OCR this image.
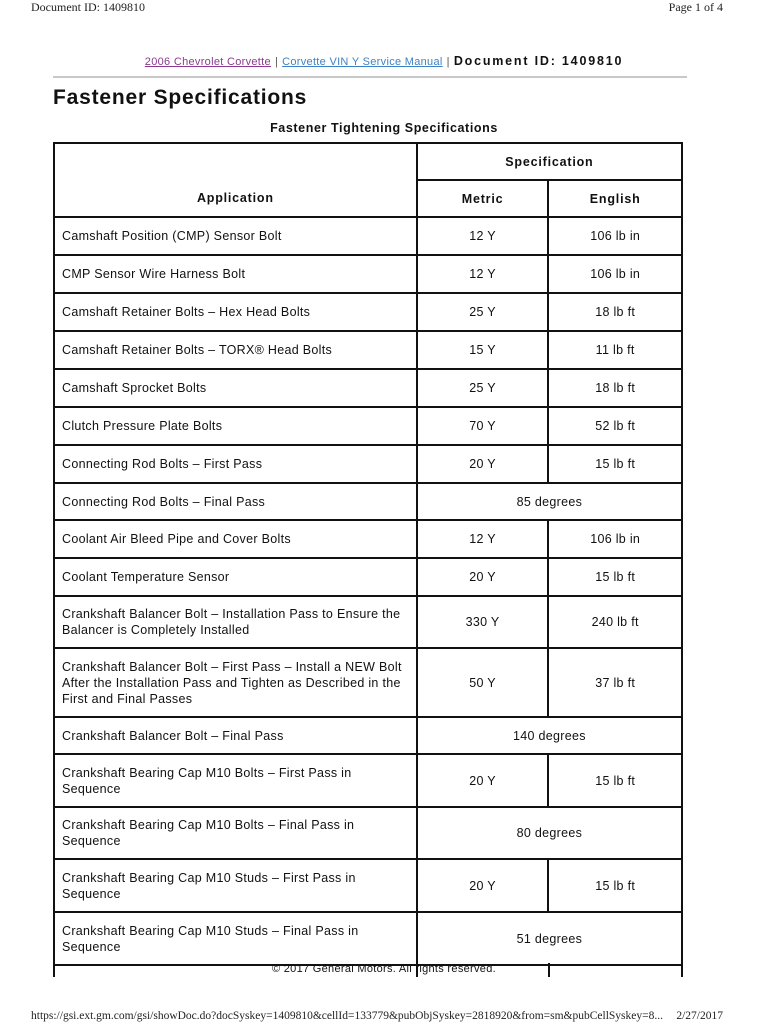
Document ID: 1409810	Page 1 of 4
2006 Chevrolet Corvette | Corvette VIN Y Service Manual | Document ID: 1409810
Fastener Specifications
Fastener Tightening Specifications
Application	Specification	
	Metric	English
Camshaft Position (CMP) Sensor Bolt	12 Y	106 lb in
CMP Sensor Wire Harness Bolt	12 Y	106 lb in
Camshaft Retainer Bolts – Hex Head Bolts	25 Y	18 lb ft
Camshaft Retainer Bolts – TORX® Head Bolts	15 Y	11 lb ft
Camshaft Sprocket Bolts	25 Y	18 lb ft
Clutch Pressure Plate Bolts	70 Y	52 lb ft
Connecting Rod Bolts – First Pass	20 Y	15 lb ft
Connecting Rod Bolts – Final Pass	85 degrees	
Coolant Air Bleed Pipe and Cover Bolts	12 Y	106 lb in
Coolant Temperature Sensor	20 Y	15 lb ft
Crankshaft Balancer Bolt – Installation Pass to Ensure the Balancer is Completely Installed	330 Y	240 lb ft
Crankshaft Balancer Bolt – First Pass – Install a NEW Bolt After the Installation Pass and Tighten as Described in the First and Final Passes	50 Y	37 lb ft
Crankshaft Balancer Bolt – Final Pass	140 degrees	
Crankshaft Bearing Cap M10 Bolts – First Pass in Sequence	20 Y	15 lb ft
Crankshaft Bearing Cap M10 Bolts – Final Pass in Sequence	80 degrees	
Crankshaft Bearing Cap M10 Studs – First Pass in Sequence	20 Y	15 lb ft
Crankshaft Bearing Cap M10 Studs – Final Pass in Sequence	51 degrees	
© 2017 General Motors. All rights reserved.
https://gsi.ext.gm.com/gsi/showDoc.do?docSyskey=1409810&cellId=133779&pubObjSyskey=2818920&from=sm&pubCellSyskey=8... 2/27/2017
